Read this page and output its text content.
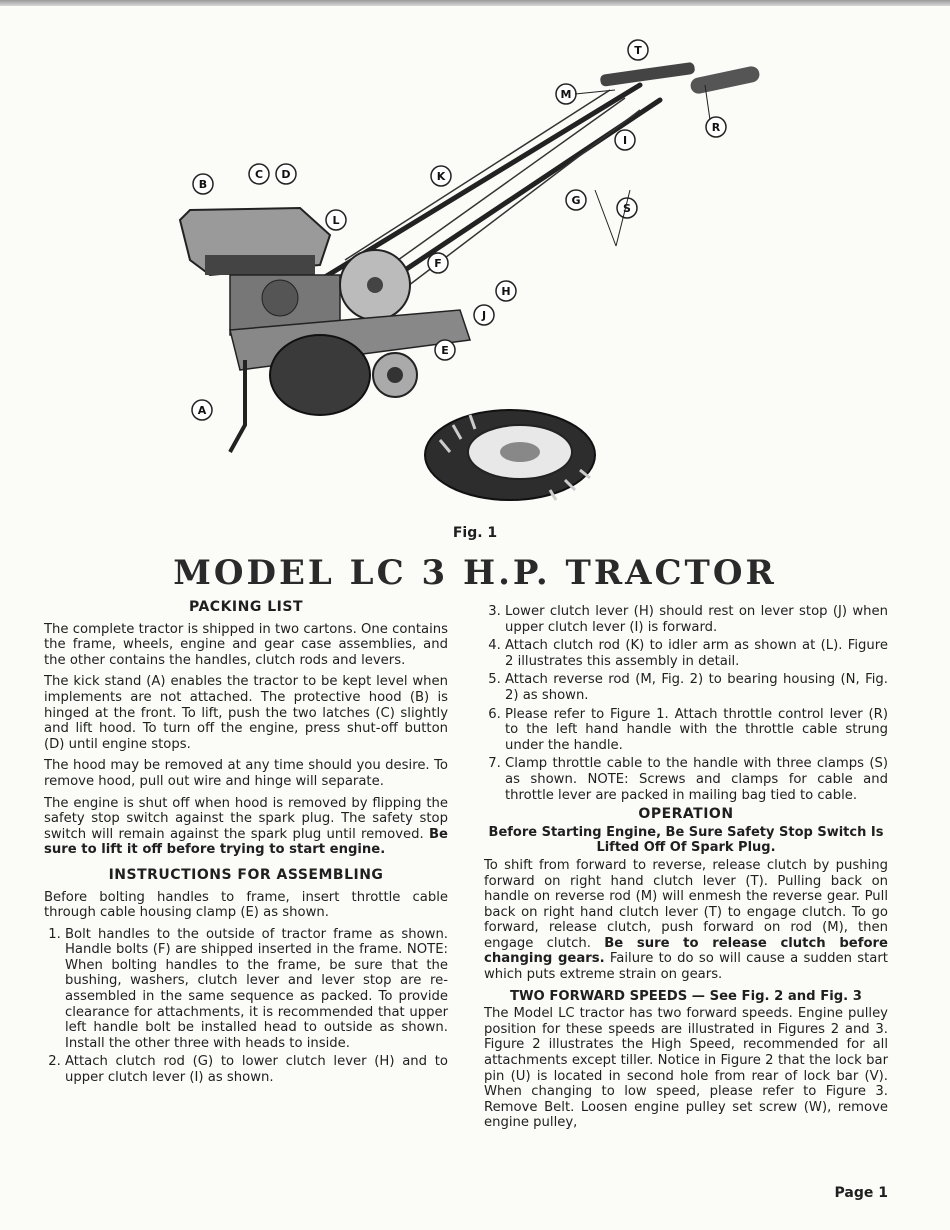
T
M
R
I
K
G
S
B
C D
L
F
H
J
E
A
Fig. 1
MODEL LC 3 H.P. TRACTOR
PACKING LIST

The complete tractor is shipped in two cartons. One contains the frame, wheels, engine and gear case assemblies, and the other contains the handles, clutch rods and levers.

The kick stand (A) enables the tractor to be kept level when implements are not attached. The protective hood (B) is hinged at the front. To lift, push the two latches (C) slightly and lift hood. To turn off the engine, press shut-off button (D) until engine stops.

The hood may be removed at any time should you desire. To remove hood, pull out wire and hinge will separate.

The engine is shut off when hood is removed by flipping the safety stop switch against the spark plug. The safety stop switch will remain against the spark plug until removed. Be sure to lift it off before trying to start engine.

INSTRUCTIONS FOR ASSEMBLING

Before bolting handles to frame, insert throttle cable through cable housing clamp (E) as shown.

1. Bolt handles to the outside of tractor frame as shown. Handle bolts (F) are shipped inserted in the frame. NOTE: When bolting handles to the frame, be sure that the bushing, washers, clutch lever and lever stop are re-assembled in the same sequence as packed. To provide clearance for attachments, it is recommended that upper left handle bolt be installed head to outside as shown. Install the other three with heads to inside.
2. Attach clutch rod (G) to lower clutch lever (H) and to upper clutch lever (I) as shown.
3. Lower clutch lever (H) should rest on lever stop (J) when upper clutch lever (I) is forward.
4. Attach clutch rod (K) to idler arm as shown at (L). Figure 2 illustrates this assembly in detail.
5. Attach reverse rod (M, Fig. 2) to bearing housing (N, Fig. 2) as shown.
6. Please refer to Figure 1. Attach throttle control lever (R) to the left hand handle with the throttle cable strung under the handle.
7. Clamp throttle cable to the handle with three clamps (S) as shown. NOTE: Screws and clamps for cable and throttle lever are packed in mailing bag tied to cable.
OPERATION
Before Starting Engine, Be Sure Safety Stop Switch Is Lifted Off Of Spark Plug.

To shift from forward to reverse, release clutch by pushing forward on right hand clutch lever (T). Pulling back on handle on reverse rod (M) will enmesh the reverse gear. Pull back on right hand clutch lever (T) to engage clutch. To go forward, release clutch, push forward on rod (M), then engage clutch. Be sure to release clutch before changing gears. Failure to do so will cause a sudden start which puts extreme strain on gears.

TWO FORWARD SPEEDS — See Fig. 2 and Fig. 3

The Model LC tractor has two forward speeds. Engine pulley position for these speeds are illustrated in Figures 2 and 3. Figure 2 illustrates the High Speed, recommended for all attachments except tiller. Notice in Figure 2 that the lock bar pin (U) is located in second hole from rear of lock bar (V). When changing to low speed, please refer to Figure 3. Remove Belt. Loosen engine pulley set screw (W), remove engine pulley,

Page 1
